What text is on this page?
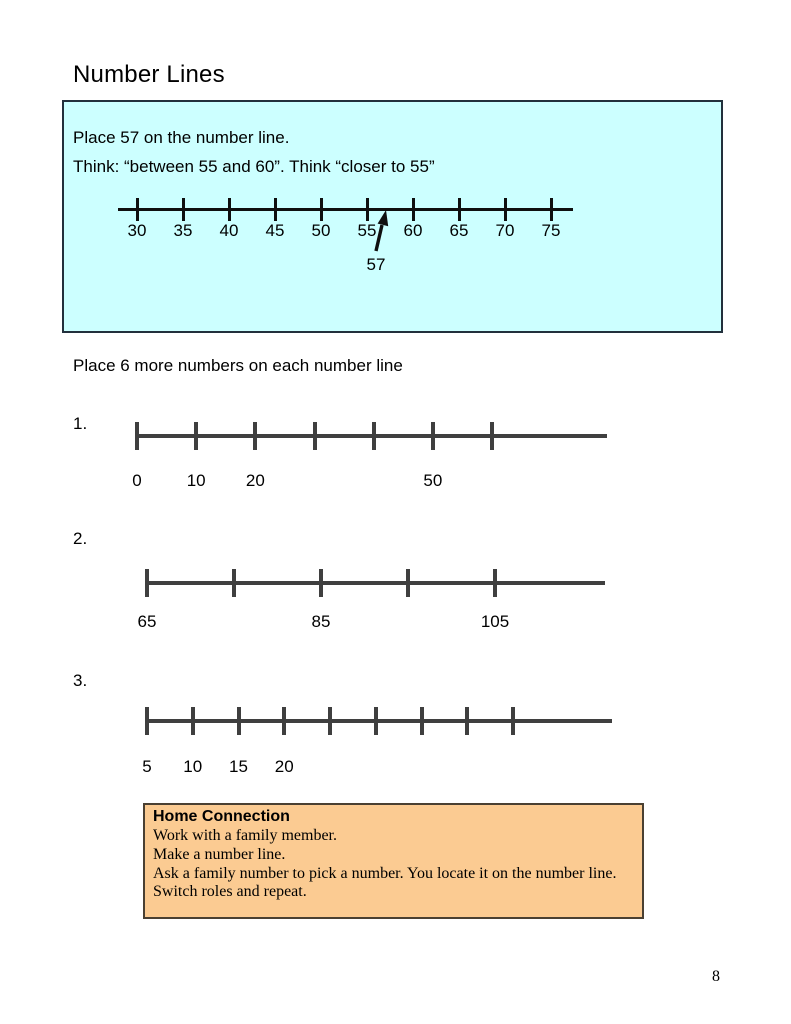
Number Lines

Place 57 on the number line.

Think: “between 55 and 60”. Think “closer to 55”

30 35 40 45 50 55 60 65 70 75
57

Place 6 more numbers on each number line

1.

0	10 20	50

2.

65	85	105

3.

5 10 15 20
Home Connection

Work with a family member.

Make a number line.

Ask a family number to pick a number. You locate it on the number line.

Switch roles and repeat.

8
